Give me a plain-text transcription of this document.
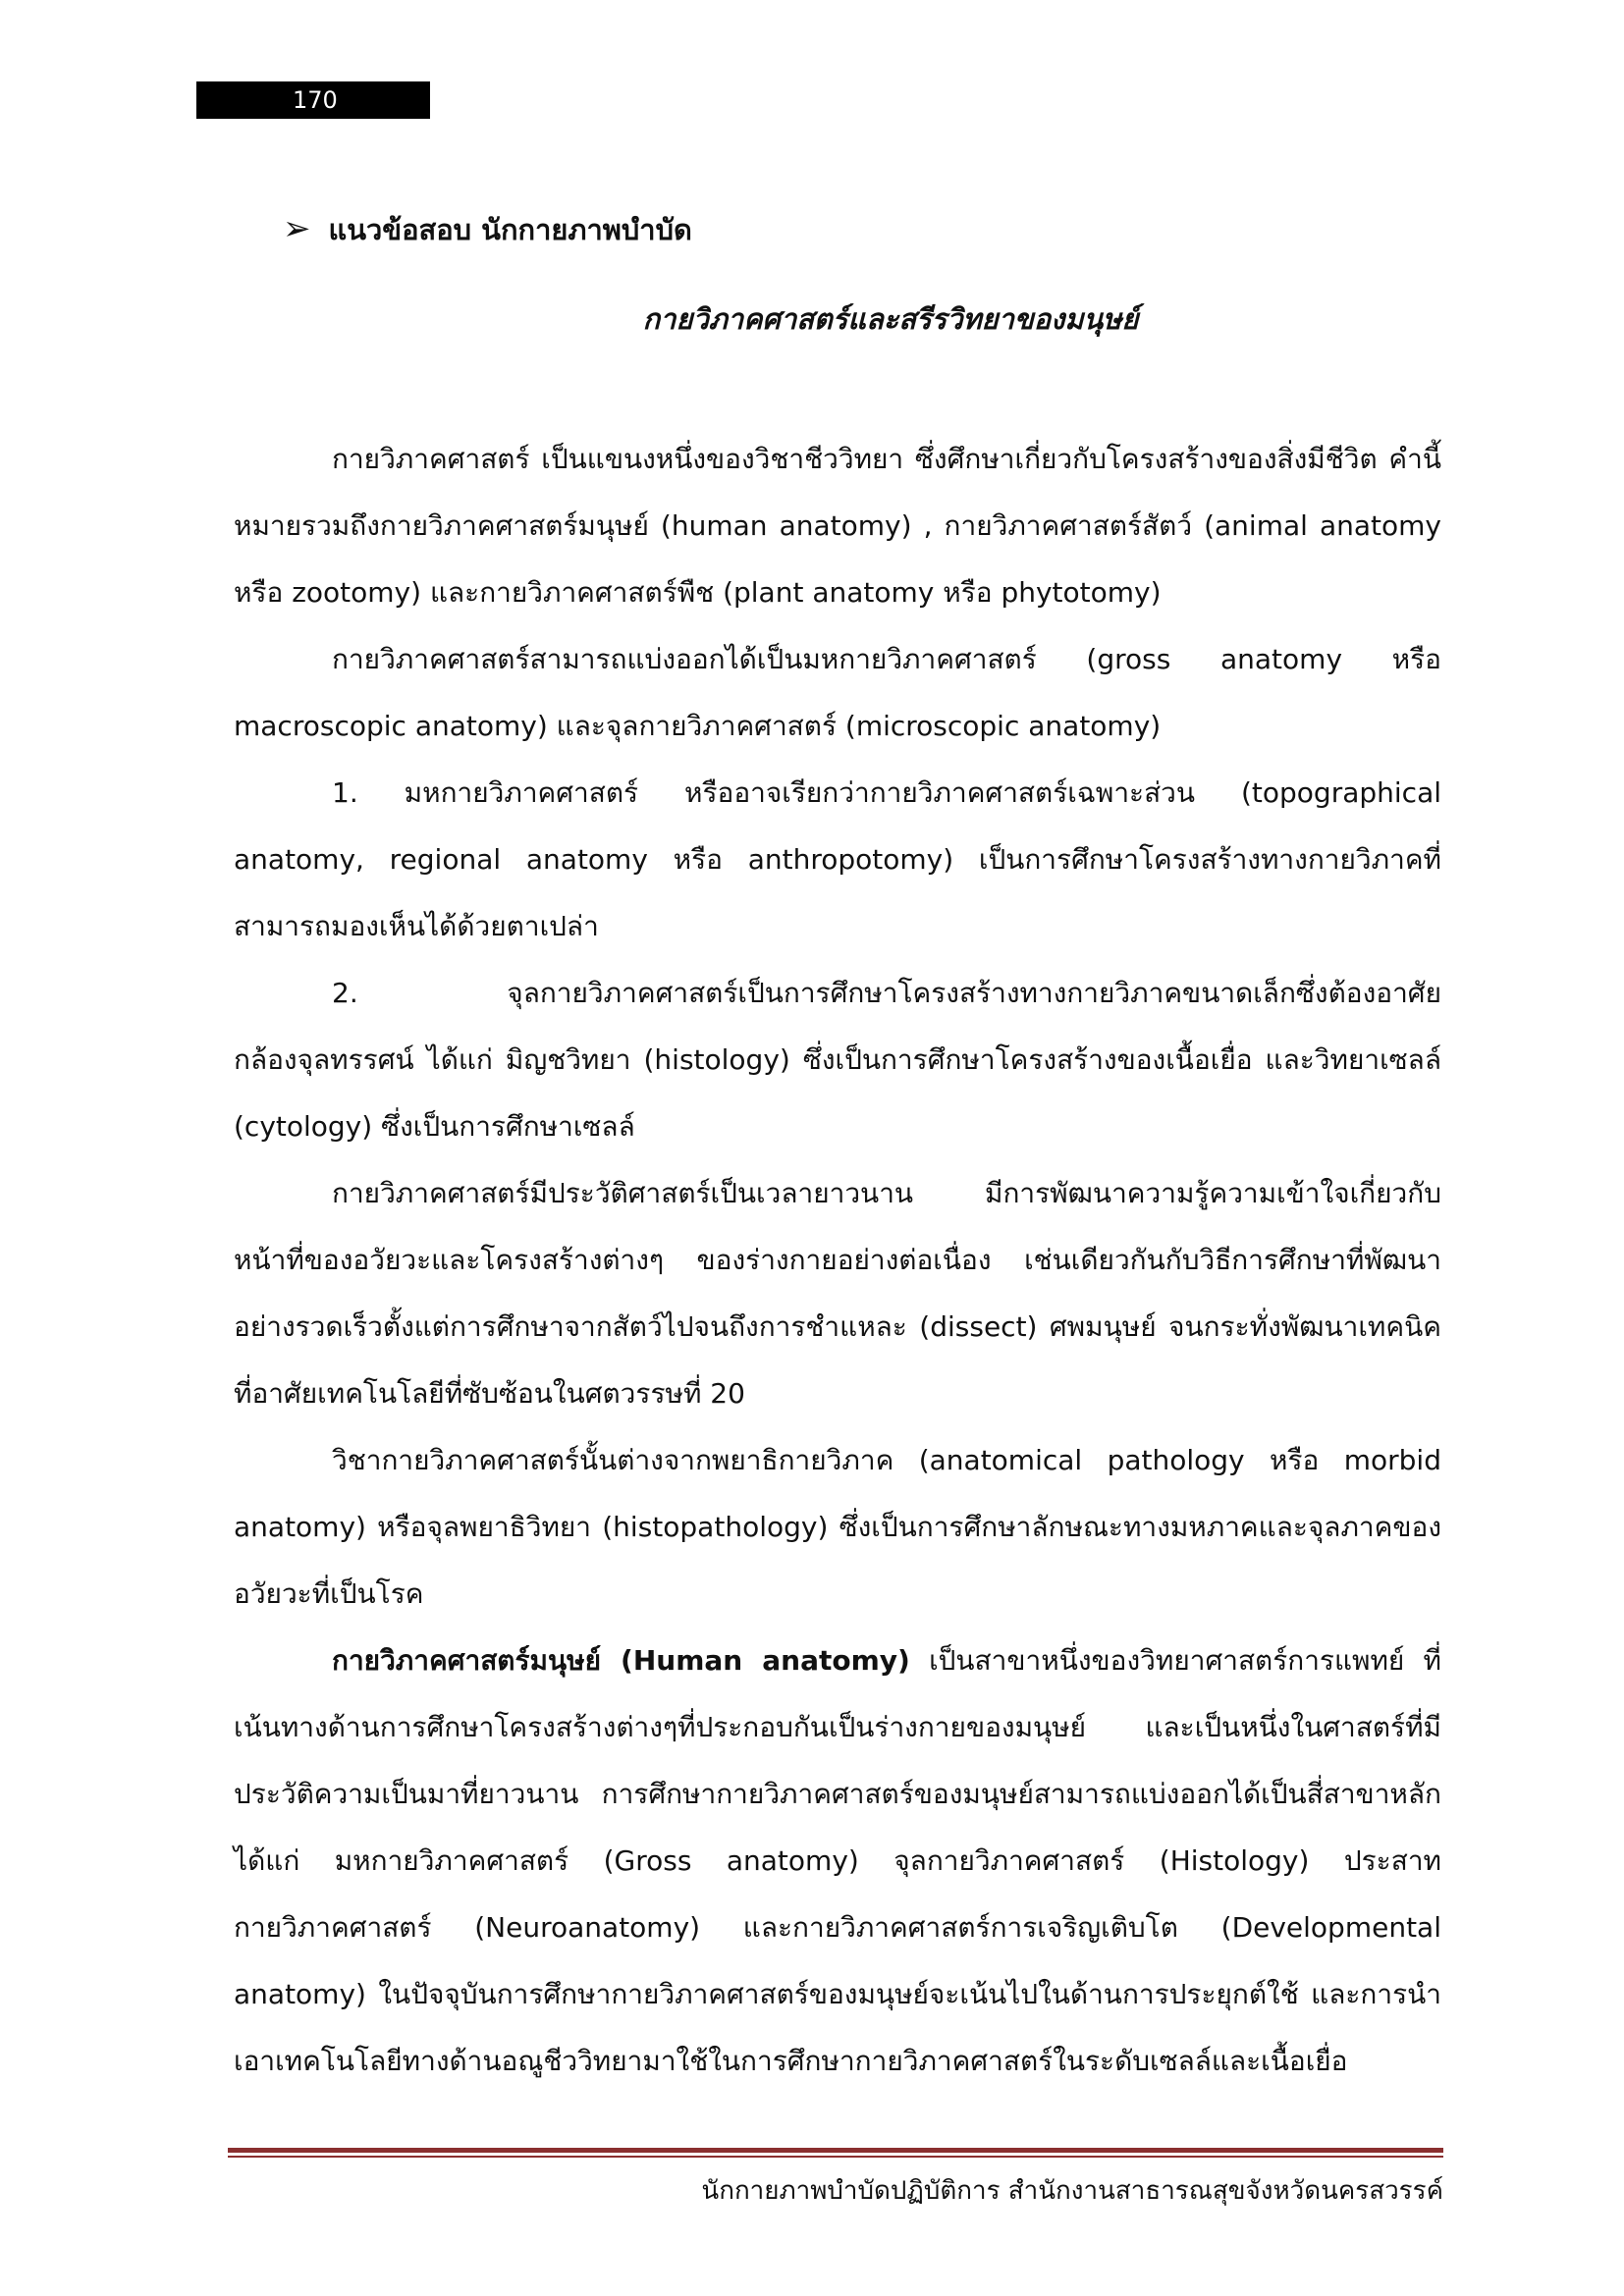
170
➢ แนวข้อสอบ นักกายภาพบำบัด
กายวิภาคศาสตร์และสรีรวิทยาของมนุษย์

กายวิภาคศาสตร์ เป็นแขนงหนึ่งของวิชาชีววิทยา ซึ่งศึกษาเกี่ยวกับโครงสร้างของสิ่งมีชีวิต คำนี้หมายรวมถึงกายวิภาคศาสตร์มนุษย์ (human anatomy) , กายวิภาคศาสตร์สัตว์ (animal anatomy หรือ zootomy) และกายวิภาคศาสตร์พืช (plant anatomy หรือ phytotomy)

กายวิภาคศาสตร์สามารถแบ่งออกได้เป็นมหกายวิภาคศาสตร์ (gross anatomy หรือ macroscopic anatomy) และจุลกายวิภาคศาสตร์ (microscopic anatomy)

1. มหกายวิภาคศาสตร์ หรืออาจเรียกว่ากายวิภาคศาสตร์เฉพาะส่วน (topographical anatomy, regional anatomy หรือ anthropotomy) เป็นการศึกษาโครงสร้างทางกายวิภาคที่สามารถมองเห็นได้ด้วยตาเปล่า

2. จุลกายวิภาคศาสตร์เป็นการศึกษาโครงสร้างทางกายวิภาคขนาดเล็กซึ่งต้องอาศัยกล้องจุลทรรศน์ ได้แก่ มิญชวิทยา (histology) ซึ่งเป็นการศึกษาโครงสร้างของเนื้อเยื่อ และวิทยาเซลล์ (cytology) ซึ่งเป็นการศึกษาเซลล์

กายวิภาคศาสตร์มีประวัติศาสตร์เป็นเวลายาวนาน มีการพัฒนาความรู้ความเข้าใจเกี่ยวกับหน้าที่ของอวัยวะและโครงสร้างต่างๆ ของร่างกายอย่างต่อเนื่อง เช่นเดียวกันกับวิธีการศึกษาที่พัฒนาอย่างรวดเร็วตั้งแต่การศึกษาจากสัตว์ไปจนถึงการชำแหละ (dissect) ศพมนุษย์ จนกระทั่งพัฒนาเทคนิคที่อาศัยเทคโนโลยีที่ซับซ้อนในศตวรรษที่ 20

วิชากายวิภาคศาสตร์นั้นต่างจากพยาธิกายวิภาค (anatomical pathology หรือ morbid anatomy) หรือจุลพยาธิวิทยา (histopathology) ซึ่งเป็นการศึกษาลักษณะทางมหภาคและจุลภาคของอวัยวะที่เป็นโรค

กายวิภาคศาสตร์มนุษย์ (Human anatomy) เป็นสาขาหนึ่งของวิทยาศาสตร์การแพทย์ ที่เน้นทางด้านการศึกษาโครงสร้างต่างๆที่ประกอบกันเป็นร่างกายของมนุษย์ และเป็นหนึ่งในศาสตร์ที่มีประวัติความเป็นมาที่ยาวนาน การศึกษากายวิภาคศาสตร์ของมนุษย์สามารถแบ่งออกได้เป็นสี่สาขาหลัก ได้แก่ มหกายวิภาคศาสตร์ (Gross anatomy) จุลกายวิภาคศาสตร์ (Histology) ประสาทกายวิภาคศาสตร์ (Neuroanatomy) และกายวิภาคศาสตร์การเจริญเติบโต (Developmental anatomy) ในปัจจุบันการศึกษากายวิภาคศาสตร์ของมนุษย์จะเน้นไปในด้านการประยุกต์ใช้ และการนำเอาเทคโนโลยีทางด้านอณูชีววิทยามาใช้ในการศึกษากายวิภาคศาสตร์ในระดับเซลล์และเนื้อเยื่อ

นักกายภาพบำบัดปฏิบัติการ สำนักงานสาธารณสุขจังหวัดนครสวรรค์
